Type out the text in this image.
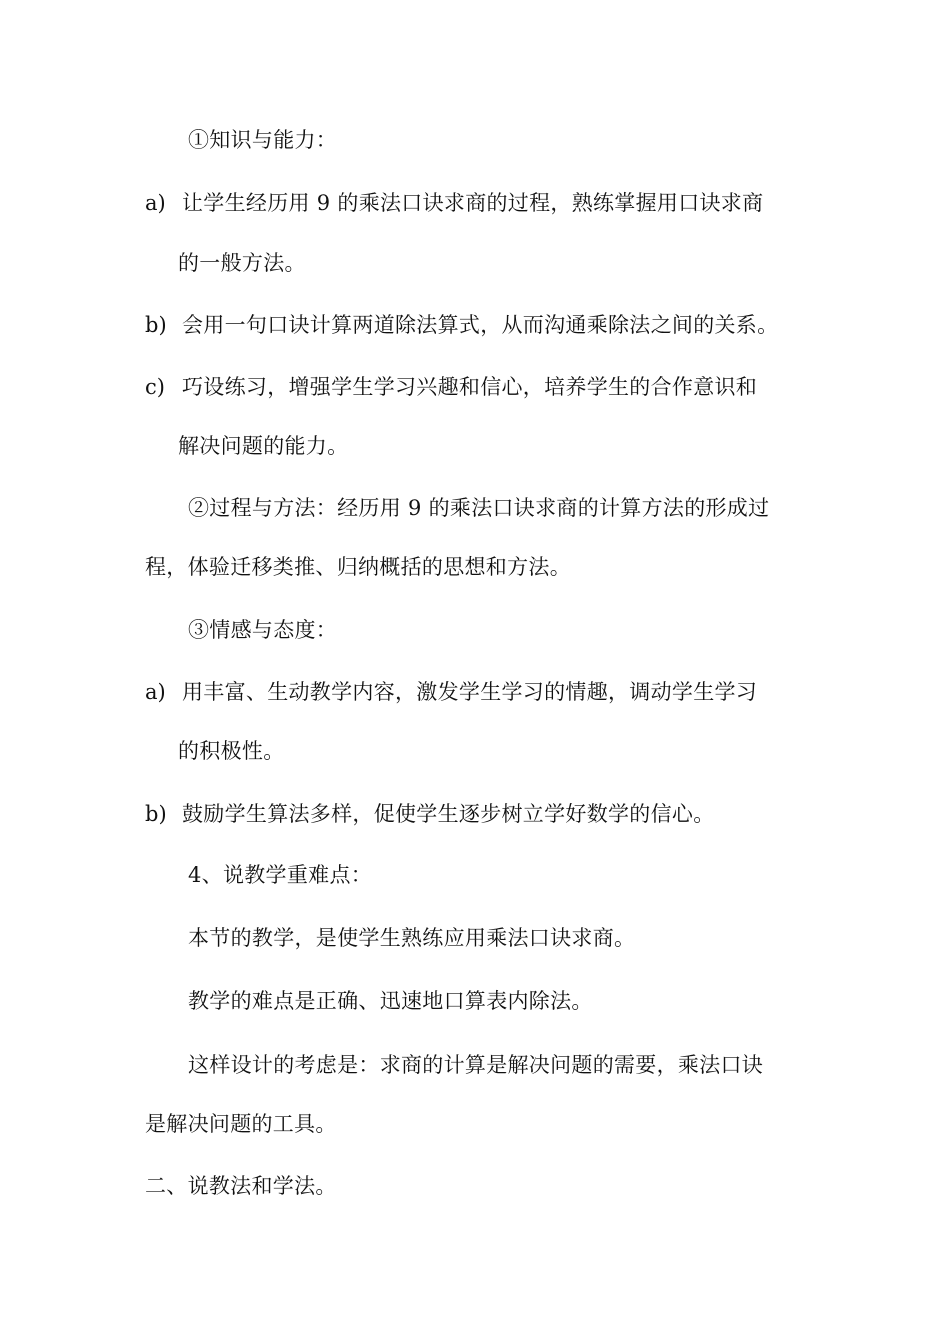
①知识与能力：
a) 让学生经历用 9 的乘法口诀求商的过程，熟练掌握用口诀求商
的一般方法。
b) 会用一句口诀计算两道除法算式，从而沟通乘除法之间的关系。
c) 巧设练习，增强学生学习兴趣和信心，培养学生的合作意识和
解决问题的能力。
②过程与方法：经历用 9 的乘法口诀求商的计算方法的形成过
程，体验迁移类推、归纳概括的思想和方法。
③情感与态度：
a) 用丰富、生动教学内容，激发学生学习的情趣，调动学生学习
的积极性。
b) 鼓励学生算法多样，促使学生逐步树立学好数学的信心。
4、说教学重难点：
本节的教学，是使学生熟练应用乘法口诀求商。
教学的难点是正确、迅速地口算表内除法。
这样设计的考虑是：求商的计算是解决问题的需要，乘法口诀
是解决问题的工具。
二、说教法和学法。
